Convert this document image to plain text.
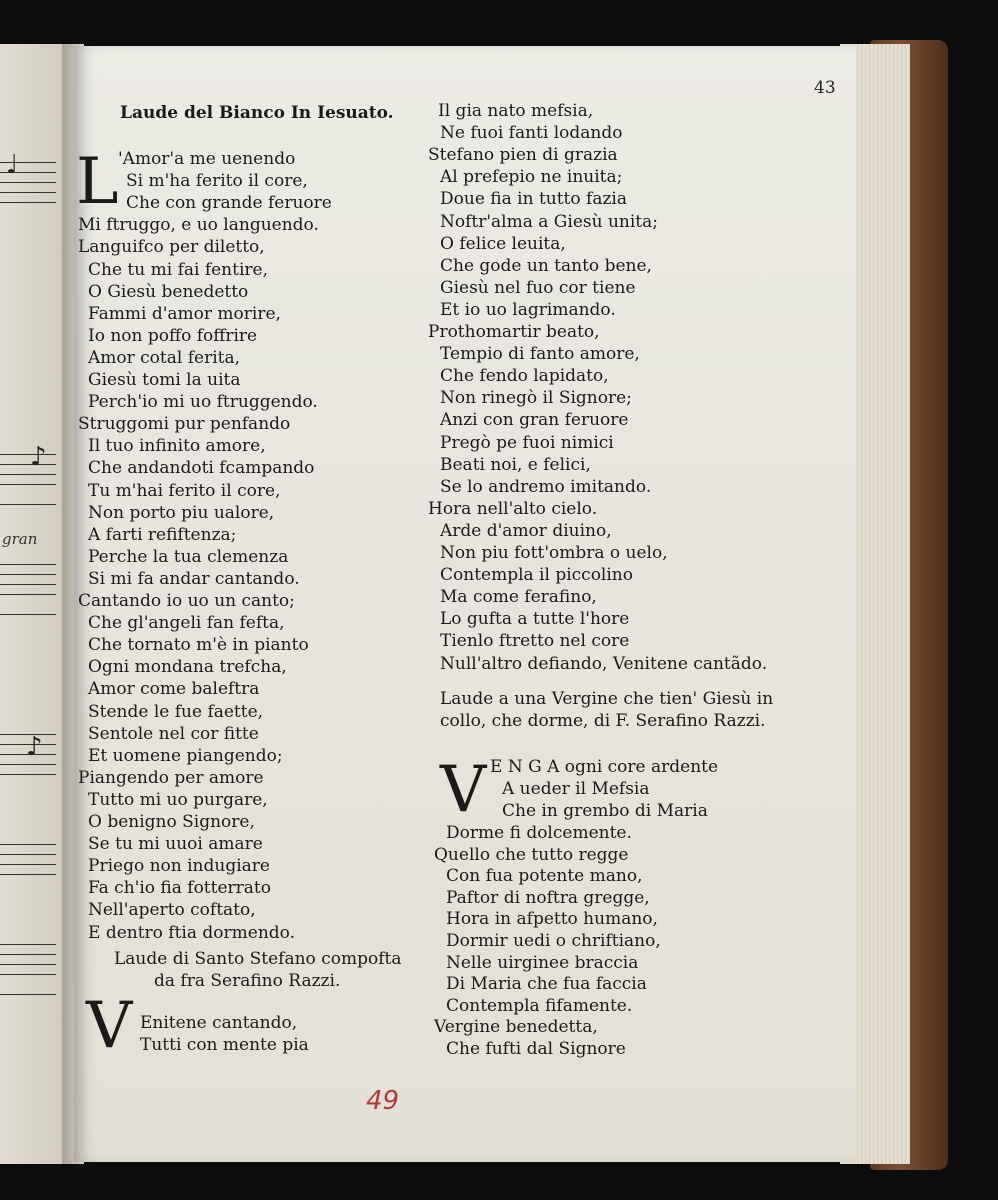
♩
♪
gran
♪
43
Laude del Bianco In Iesuato.
L 'Amor'a me uenendo
Si m'ha ferito il core,
Che con grande feruore
Mi ftruggo, e uo languendo.
Languifco per diletto,
Che tu mi fai fentire,
O Giesù benedetto
Fammi d'amor morire,
Io non poffo foffrire
Amor cotal ferita,
Giesù tomi la uita
Perch'io mi uo ftruggendo.
Struggomi pur penfando
Il tuo infinito amore,
Che andandoti fcampando
Tu m'hai ferito il core,
Non porto piu ualore,
A farti refiftenza;
Perche la tua clemenza
Si mi fa andar cantando.
Cantando io uo un canto;
Che gl'angeli fan fefta,
Che tornato m'è in pianto
Ogni mondana trefcha,
Amor come baleftra
Stende le fue faette,
Sentole nel cor fitte
Et uomene piangendo;
Piangendo per amore
Tutto mi uo purgare,
O benigno Signore,
Se tu mi uuoi amare
Priego non indugiare
Fa ch'io fia fotterrato
Nell'aperto coftato,
E dentro ftia dormendo.
Laude di Santo Stefano compofta
da fra Serafino Razzi.
V Enitene cantando,
Tutti con mente pia
Il gia nato mefsia,
Ne fuoi fanti lodando
Stefano pien di grazia
Al prefepio ne inuita;
Doue fia in tutto fazia
Noftr'alma a Giesù unita;
O felice leuita,
Che gode un tanto bene,
Giesù nel fuo cor tiene
Et io uo lagrimando.
Prothomartir beato,
Tempio di fanto amore,
Che fendo lapidato,
Non rinegò il Signore;
Anzi con gran feruore
Pregò pe fuoi nimici
Beati noi, e felici,
Se lo andremo imitando.
Hora nell'alto cielo.
Arde d'amor diuino,
Non piu fott'ombra o uelo,
Contempla il piccolino
Ma come ferafino,
Lo gufta a tutte l'hore
Tienlo ftretto nel core
Null'altro defiando, Venitene cantãdo.
Laude a una Vergine che tien' Giesù in
collo, che dorme, di F. Serafino Razzi.
V E N G A ogni core ardente
A ueder il Mefsia
Che in grembo di Maria
Dorme fi dolcemente.
Quello che tutto regge
Con fua potente mano,
Paftor di noftra gregge,
Hora in afpetto humano,
Dormir uedi o chriftiano,
Nelle uirginee braccia
Di Maria che fua faccia
Contempla fifamente.
Vergine benedetta,
Che fufti dal Signore
49
